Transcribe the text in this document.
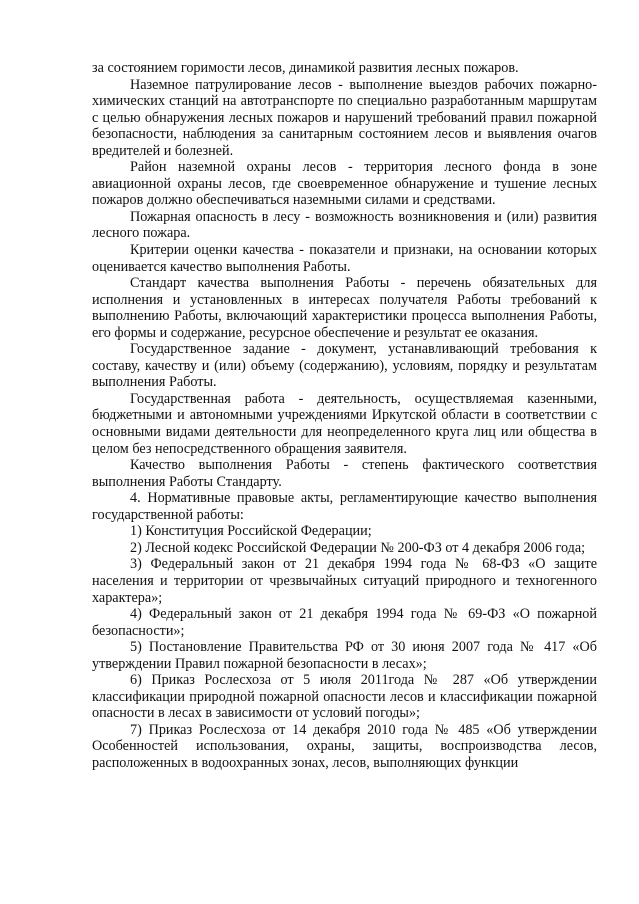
за состоянием горимости лесов, динамикой развития лесных пожаров.

Наземное патрулирование лесов - выполнение выездов рабочих пожарно-химических станций на автотранспорте по специально разработанным маршрутам с целью обнаружения лесных пожаров и нарушений требований правил пожарной безопасности, наблюдения за санитарным состоянием лесов и выявления очагов вредителей и болезней.

Район наземной охраны лесов - территория лесного фонда в зоне авиационной охраны лесов, где своевременное обнаружение и тушение лесных пожаров должно обеспечиваться наземными силами и средствами.

Пожарная опасность в лесу - возможность возникновения и (или) развития лесного пожара.

Критерии оценки качества - показатели и признаки, на основании которых оценивается качество выполнения Работы.

Стандарт качества выполнения Работы - перечень обязательных для исполнения и установленных в интересах получателя Работы требований к выполнению Работы, включающий характеристики процесса выполнения Работы, его формы и содержание, ресурсное обеспечение и результат ее оказания.

Государственное задание - документ, устанавливающий требования к составу, качеству и (или) объему (содержанию), условиям, порядку и результатам выполнения Работы.

Государственная работа - деятельность, осуществляемая казенными, бюджетными и автономными учреждениями Иркутской области в соответствии с основными видами деятельности для неопределенного круга лиц или общества в целом без непосредственного обращения заявителя.

Качество выполнения Работы - степень фактического соответствия выполнения Работы Стандарту.

4. Нормативные правовые акты, регламентирующие качество выполнения государственной работы:

1) Конституция Российской Федерации;

2) Лесной кодекс Российской Федерации № 200-ФЗ от 4 декабря 2006 года;

3) Федеральный закон от 21 декабря 1994 года № 68-ФЗ «О защите населения и территории от чрезвычайных ситуаций природного и техногенного характера»;

4) Федеральный закон от 21 декабря 1994 года № 69-ФЗ «О пожарной безопасности»;

5) Постановление Правительства РФ от 30 июня 2007 года № 417 «Об утверждении Правил пожарной безопасности в лесах»;

6) Приказ Рослесхоза от 5 июля 2011года № 287 «Об утверждении классификации природной пожарной опасности лесов и классификации пожарной опасности в лесах в зависимости от условий погоды»;

7) Приказ Рослесхоза от 14 декабря 2010 года № 485 «Об утверждении Особенностей использования, охраны, защиты, воспроизводства лесов, расположенных в водоохранных зонах, лесов, выполняющих функции
